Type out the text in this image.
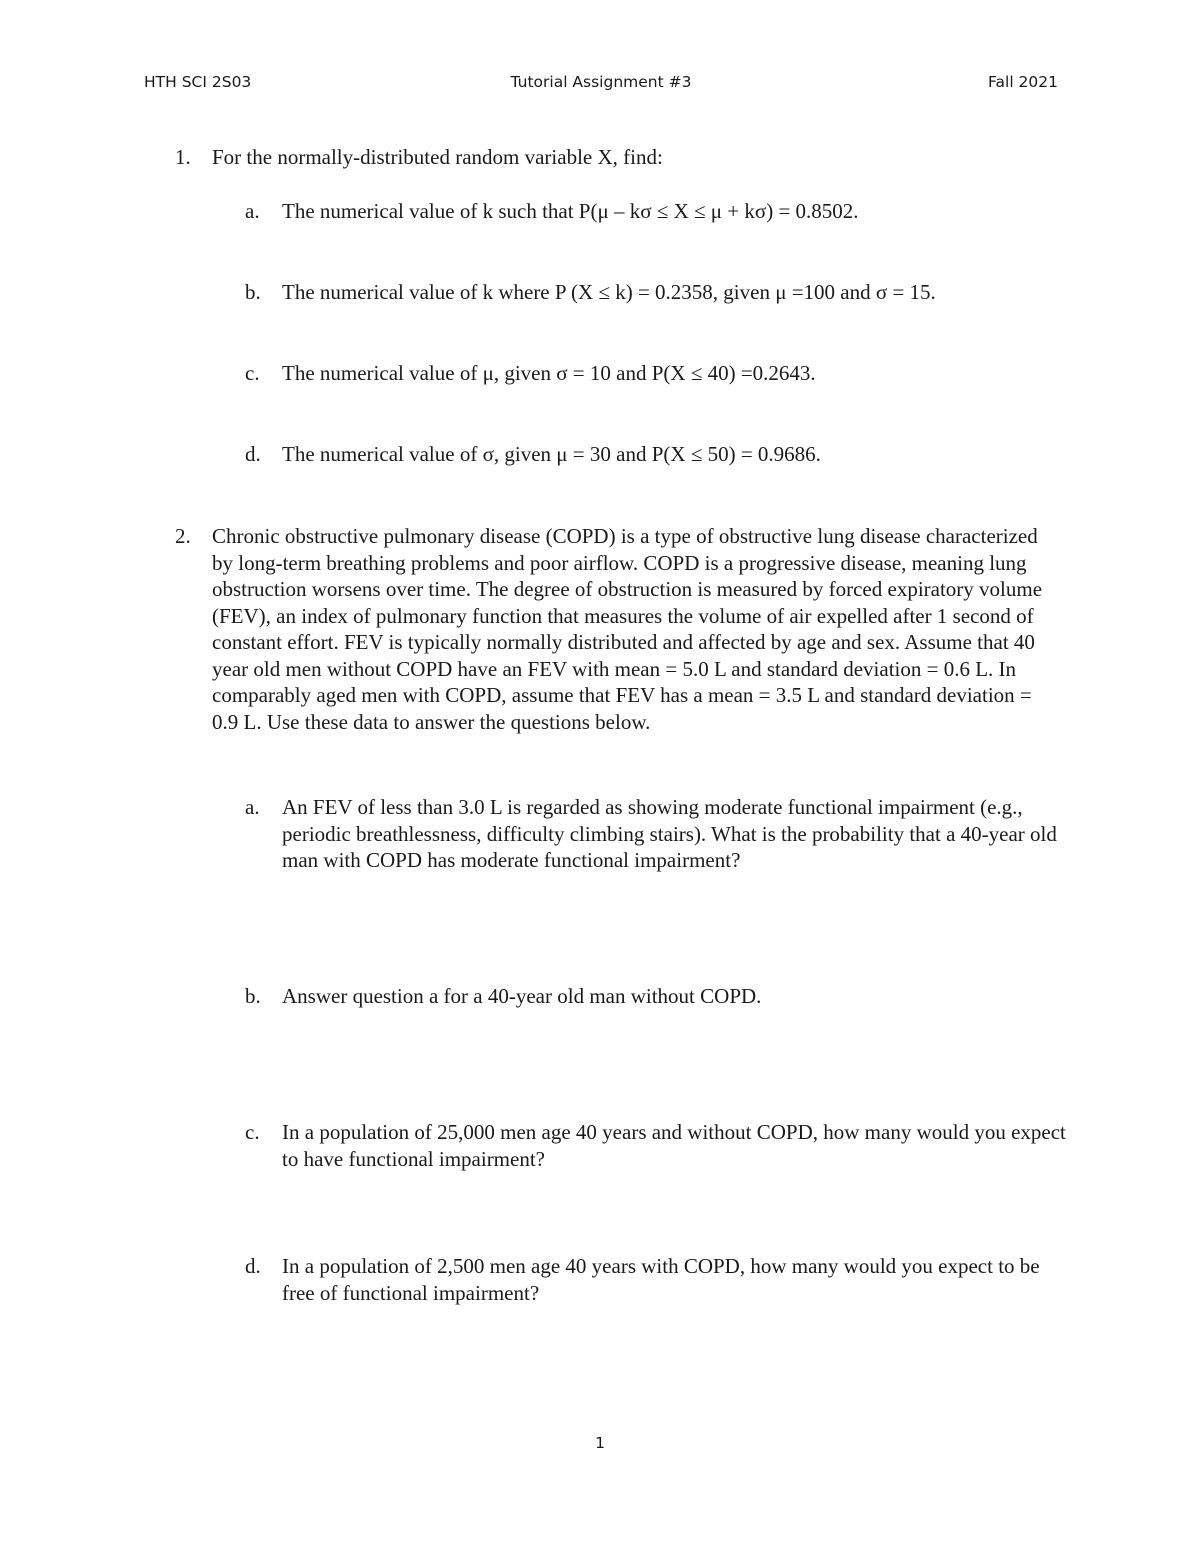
HTH SCI 2S03	Tutorial Assignment #3	Fall 2021
1. For the normally-distributed random variable X, find:
a. The numerical value of k such that P(μ – kσ ≤ X ≤ μ + kσ) = 0.8502.
b. The numerical value of k where P (X ≤ k) = 0.2358, given μ =100 and σ = 15.
c. The numerical value of μ, given σ = 10 and P(X ≤ 40) =0.2643.
d. The numerical value of σ, given μ = 30 and P(X ≤ 50) = 0.9686.
2. Chronic obstructive pulmonary disease (COPD) is a type of obstructive lung disease characterized by long-term breathing problems and poor airflow. COPD is a progressive disease, meaning lung obstruction worsens over time. The degree of obstruction is measured by forced expiratory volume (FEV), an index of pulmonary function that measures the volume of air expelled after 1 second of constant effort. FEV is typically normally distributed and affected by age and sex. Assume that 40 year old men without COPD have an FEV with mean = 5.0 L and standard deviation = 0.6 L. In comparably aged men with COPD, assume that FEV has a mean = 3.5 L and standard deviation = 0.9 L. Use these data to answer the questions below.
a. An FEV of less than 3.0 L is regarded as showing moderate functional impairment (e.g., periodic breathlessness, difficulty climbing stairs). What is the probability that a 40-year old man with COPD has moderate functional impairment?
b. Answer question a for a 40-year old man without COPD.
c. In a population of 25,000 men age 40 years and without COPD, how many would you expect to have functional impairment?
d. In a population of 2,500 men age 40 years with COPD, how many would you expect to be free of functional impairment?
1
